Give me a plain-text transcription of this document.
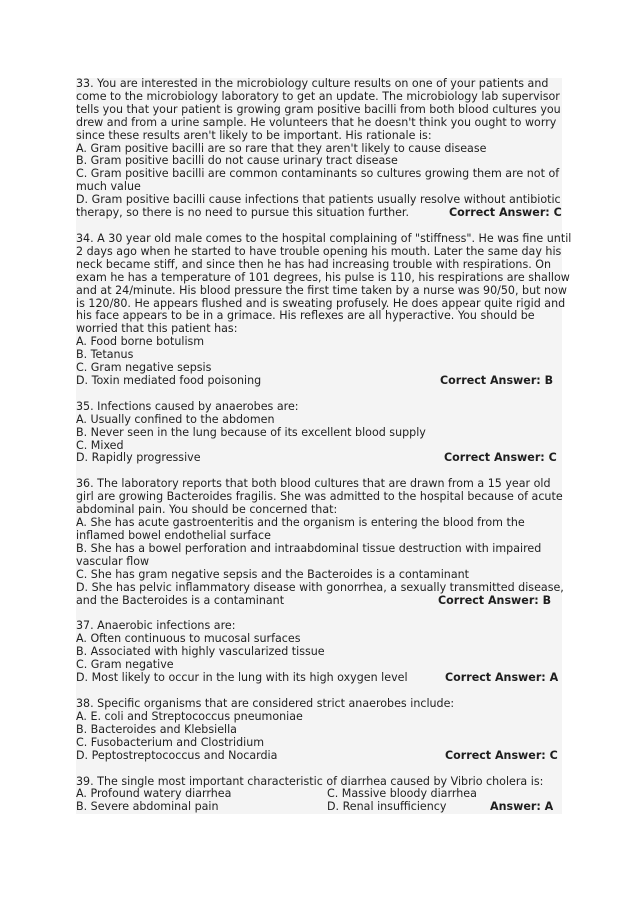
33. You are interested in the microbiology culture results on one of your patients and
come to the microbiology laboratory to get an update. The microbiology lab supervisor
tells you that your patient is growing gram positive bacilli from both blood cultures you
drew and from a urine sample. He volunteers that he doesn't think you ought to worry
since these results aren't likely to be important. His rationale is:
A. Gram positive bacilli are so rare that they aren't likely to cause disease
B. Gram positive bacilli do not cause urinary tract disease
C. Gram positive bacilli are common contaminants so cultures growing them are not of
much value
D. Gram positive bacilli cause infections that patients usually resolve without antibiotic
therapy, so there is no need to pursue this situation further.	Correct Answer: C
34. A 30 year old male comes to the hospital complaining of "stiffness". He was fine until
2 days ago when he started to have trouble opening his mouth. Later the same day his
neck became stiff, and since then he has had increasing trouble with respirations. On
exam he has a temperature of 101 degrees, his pulse is 110, his respirations are shallow
and at 24/minute. His blood pressure the first time taken by a nurse was 90/50, but now
is 120/80. He appears flushed and is sweating profusely. He does appear quite rigid and
his face appears to be in a grimace. His reflexes are all hyperactive. You should be
worried that this patient has:
A. Food borne botulism
B. Tetanus
C. Gram negative sepsis
D. Toxin mediated food poisoning	Correct Answer: B
35. Infections caused by anaerobes are:
A. Usually confined to the abdomen
B. Never seen in the lung because of its excellent blood supply
C. Mixed
D. Rapidly progressive	Correct Answer: C
36. The laboratory reports that both blood cultures that are drawn from a 15 year old
girl are growing Bacteroides fragilis. She was admitted to the hospital because of acute
abdominal pain. You should be concerned that:
A. She has acute gastroenteritis and the organism is entering the blood from the
inflamed bowel endothelial surface
B. She has a bowel perforation and intraabdominal tissue destruction with impaired
vascular flow
C. She has gram negative sepsis and the Bacteroides is a contaminant
D. She has pelvic inflammatory disease with gonorrhea, a sexually transmitted disease,
and the Bacteroides is a contaminant	Correct Answer: B
37. Anaerobic infections are:
A. Often continuous to mucosal surfaces
B. Associated with highly vascularized tissue
C. Gram negative
D. Most likely to occur in the lung with its high oxygen level	Correct Answer: A
38. Specific organisms that are considered strict anaerobes include:
A. E. coli and Streptococcus pneumoniae
B. Bacteroides and Klebsiella
C. Fusobacterium and Clostridium
D. Peptostreptococcus and Nocardia	Correct Answer: C
39. The single most important characteristic of diarrhea caused by Vibrio cholera is:
A. Profound watery diarrhea	C. Massive bloody diarrhea
B. Severe abdominal pain	D. Renal insufficiency	Answer: A
